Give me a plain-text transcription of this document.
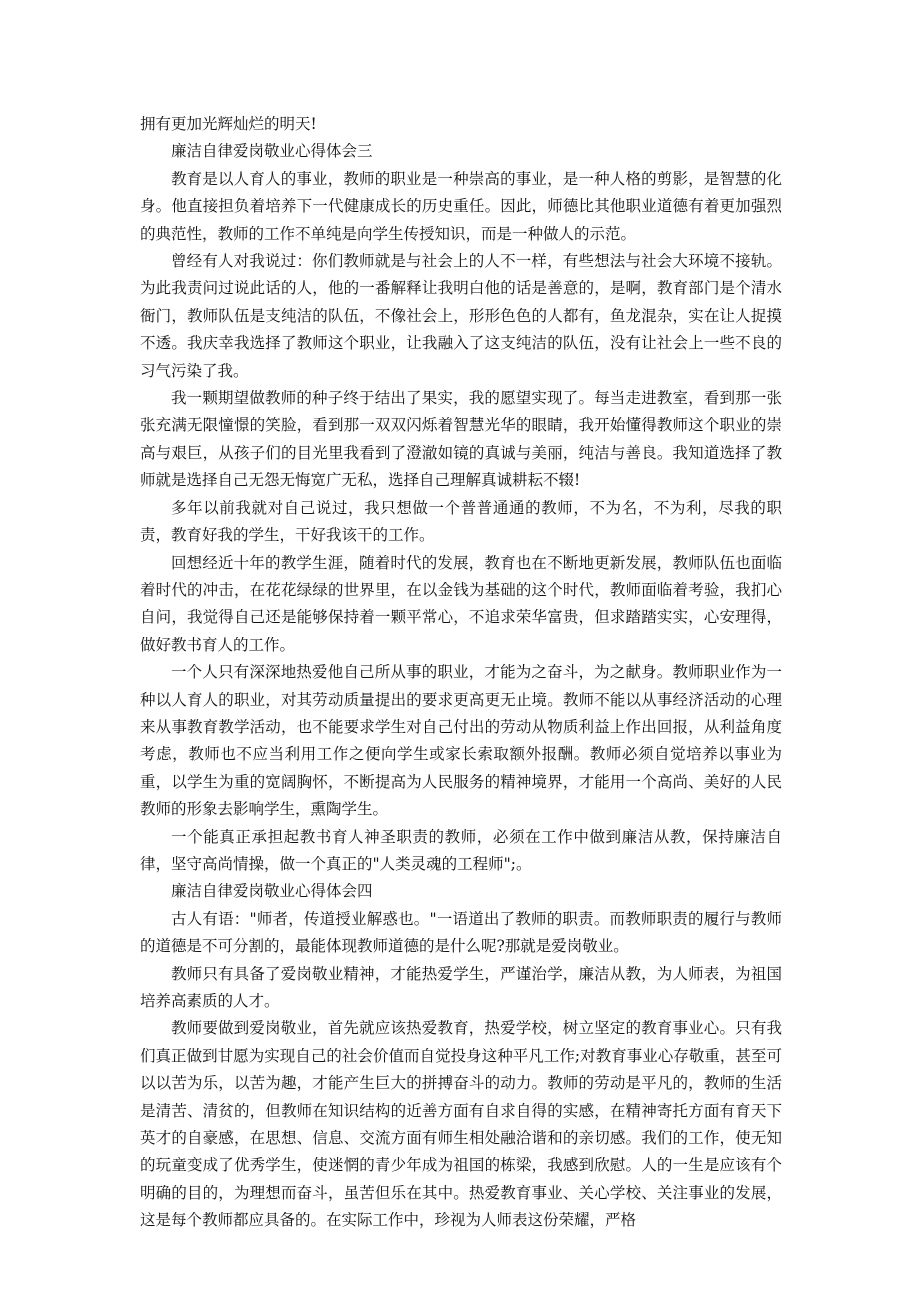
拥有更加光辉灿烂的明天!

廉洁自律爱岗敬业心得体会三

教育是以人育人的事业，教师的职业是一种崇高的事业，是一种人格的剪影，是智慧的化身。他直接担负着培养下一代健康成长的历史重任。因此，师德比其他职业道德有着更加强烈的典范性，教师的工作不单纯是向学生传授知识，而是一种做人的示范。

曾经有人对我说过：你们教师就是与社会上的人不一样，有些想法与社会大环境不接轨。为此我责问过说此话的人，他的一番解释让我明白他的话是善意的，是啊，教育部门是个清水衙门，教师队伍是支纯洁的队伍，不像社会上，形形色色的人都有，鱼龙混杂，实在让人捉摸不透。我庆幸我选择了教师这个职业，让我融入了这支纯洁的队伍，没有让社会上一些不良的习气污染了我。

我一颗期望做教师的种子终于结出了果实，我的愿望实现了。每当走进教室，看到那一张张充满无限憧憬的笑脸，看到那一双双闪烁着智慧光华的眼睛，我开始懂得教师这个职业的崇高与艰巨，从孩子们的目光里我看到了澄澈如镜的真诚与美丽，纯洁与善良。我知道选择了教师就是选择自己无怨无悔宽广无私，选择自己理解真诚耕耘不辍!

多年以前我就对自己说过，我只想做一个普普通通的教师，不为名，不为利，尽我的职责，教育好我的学生，干好我该干的工作。

回想经近十年的教学生涯，随着时代的发展，教育也在不断地更新发展，教师队伍也面临着时代的冲击，在花花绿绿的世界里，在以金钱为基础的这个时代，教师面临着考验，我扪心自问，我觉得自己还是能够保持着一颗平常心，不追求荣华富贵，但求踏踏实实，心安理得，做好教书育人的工作。

一个人只有深深地热爱他自己所从事的职业，才能为之奋斗，为之献身。教师职业作为一种以人育人的职业，对其劳动质量提出的要求更高更无止境。教师不能以从事经济活动的心理来从事教育教学活动，也不能要求学生对自己付出的劳动从物质利益上作出回报，从利益角度考虑，教师也不应当利用工作之便向学生或家长索取额外报酬。教师必须自觉培养以事业为重，以学生为重的宽阔胸怀，不断提高为人民服务的精神境界，才能用一个高尚、美好的人民教师的形象去影响学生，熏陶学生。

一个能真正承担起教书育人神圣职责的教师，必须在工作中做到廉洁从教，保持廉洁自律，坚守高尚情操，做一个真正的"人类灵魂的工程师";。

廉洁自律爱岗敬业心得体会四

古人有语："师者，传道授业解惑也。"一语道出了教师的职责。而教师职责的履行与教师的道德是不可分割的，最能体现教师道德的是什么呢?那就是爱岗敬业。

教师只有具备了爱岗敬业精神，才能热爱学生，严谨治学，廉洁从教，为人师表，为祖国培养高素质的人才。

教师要做到爱岗敬业，首先就应该热爱教育，热爱学校，树立坚定的教育事业心。只有我们真正做到甘愿为实现自己的社会价值而自觉投身这种平凡工作;对教育事业心存敬重，甚至可以以苦为乐，以苦为趣，才能产生巨大的拼搏奋斗的动力。教师的劳动是平凡的，教师的生活是清苦、清贫的，但教师在知识结构的近善方面有自求自得的实感，在精神寄托方面有育天下英才的自豪感，在思想、信息、交流方面有师生相处融洽谐和的亲切感。我们的工作，使无知的玩童变成了优秀学生，使迷惘的青少年成为祖国的栋梁，我感到欣慰。人的一生是应该有个明确的目的，为理想而奋斗，虽苦但乐在其中。热爱教育事业、关心学校、关注事业的发展，这是每个教师都应具备的。在实际工作中，珍视为人师表这份荣耀，严格
